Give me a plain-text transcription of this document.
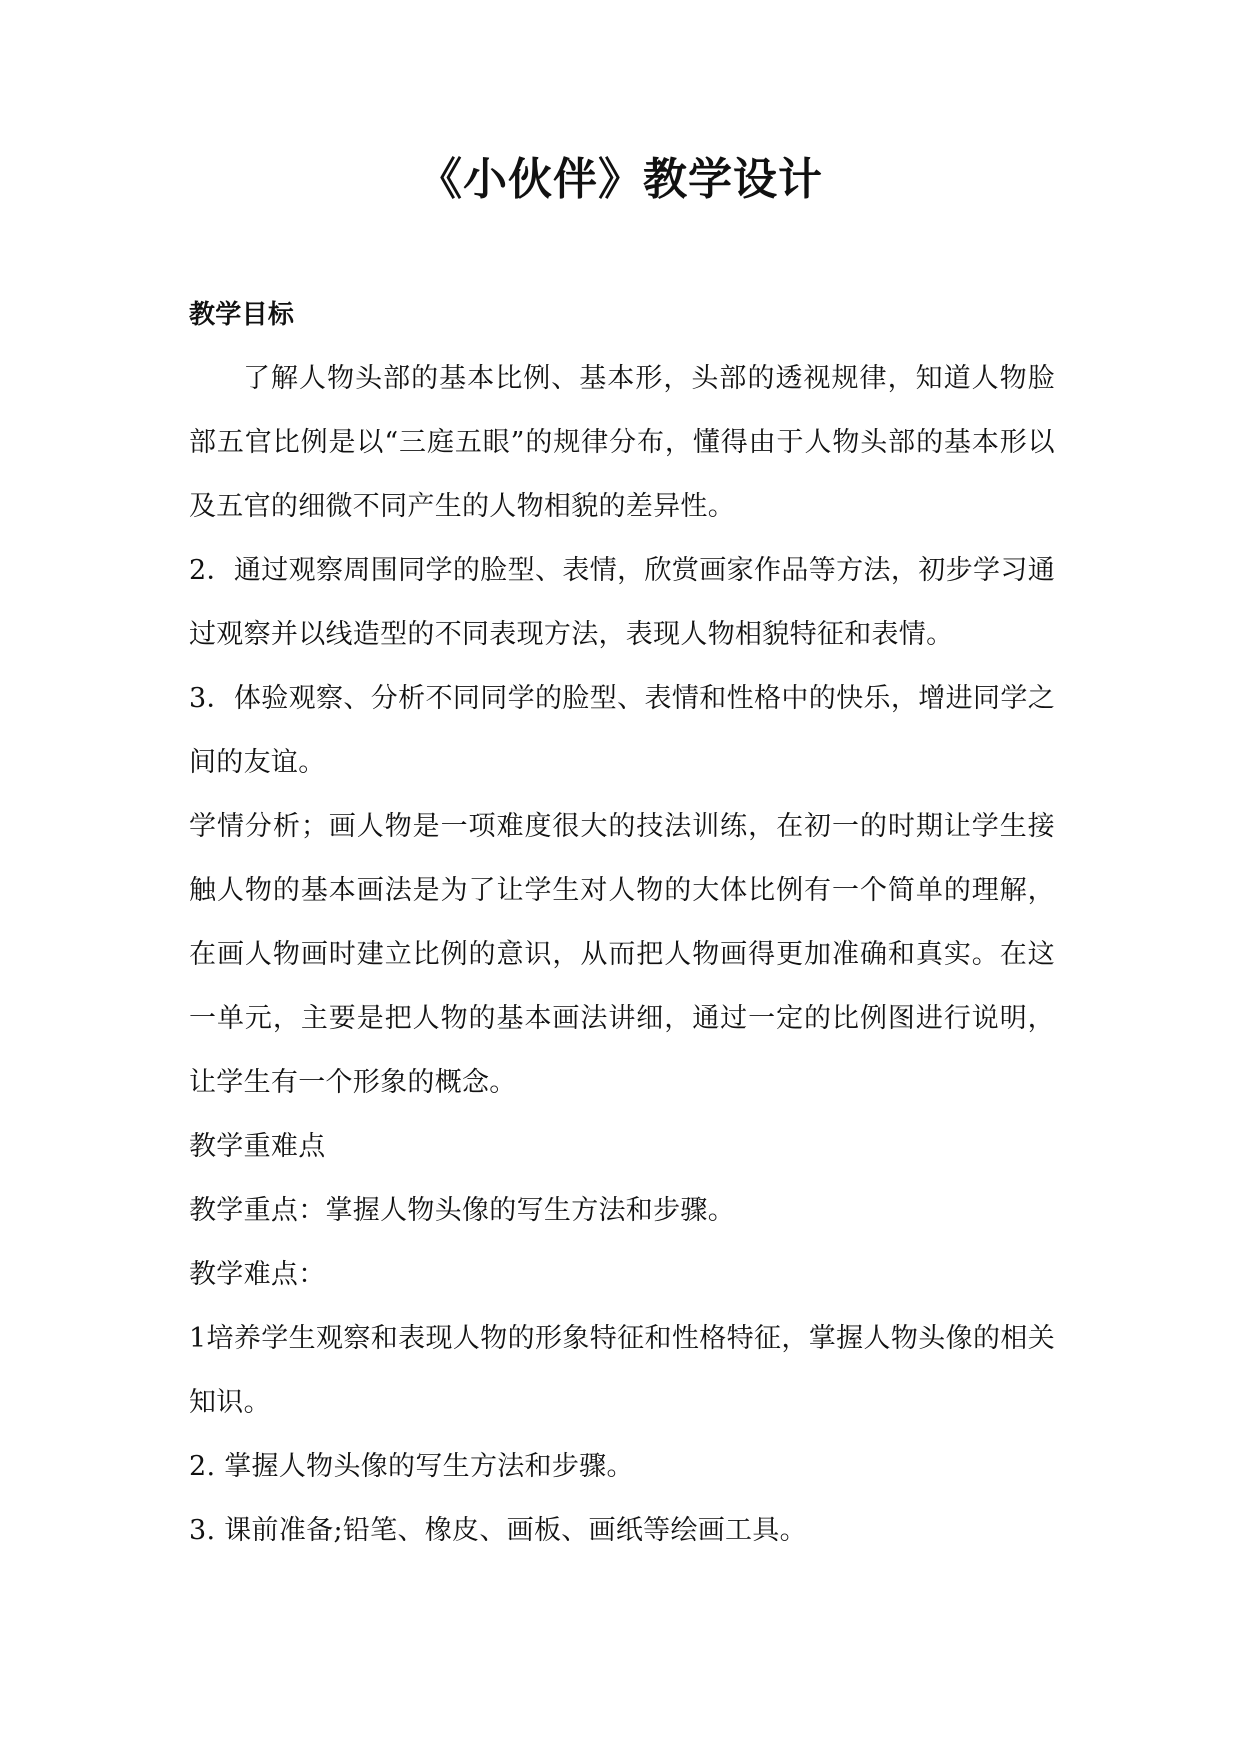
《小伙伴》教学设计

教学目标

了解人物头部的基本比例、基本形，头部的透视规律，知道人物脸部五官比例是以“三庭五眼”的规律分布，懂得由于人物头部的基本形以及五官的细微不同产生的人物相貌的差异性。

2．通过观察周围同学的脸型、表情，欣赏画家作品等方法，初步学习通过观察并以线造型的不同表现方法，表现人物相貌特征和表情。

3．体验观察、分析不同同学的脸型、表情和性格中的快乐，增进同学之间的友谊。

学情分析；画人物是一项难度很大的技法训练，在初一的时期让学生接触人物的基本画法是为了让学生对人物的大体比例有一个简单的理解，在画人物画时建立比例的意识，从而把人物画得更加准确和真实。在这一单元，主要是把人物的基本画法讲细，通过一定的比例图进行说明，让学生有一个形象的概念。

教学重难点

教学重点：掌握人物头像的写生方法和步骤。

教学难点：

1培养学生观察和表现人物的形象特征和性格特征，掌握人物头像的相关知识。

2. 掌握人物头像的写生方法和步骤。

3. 课前准备;铅笔、橡皮、画板、画纸等绘画工具。
